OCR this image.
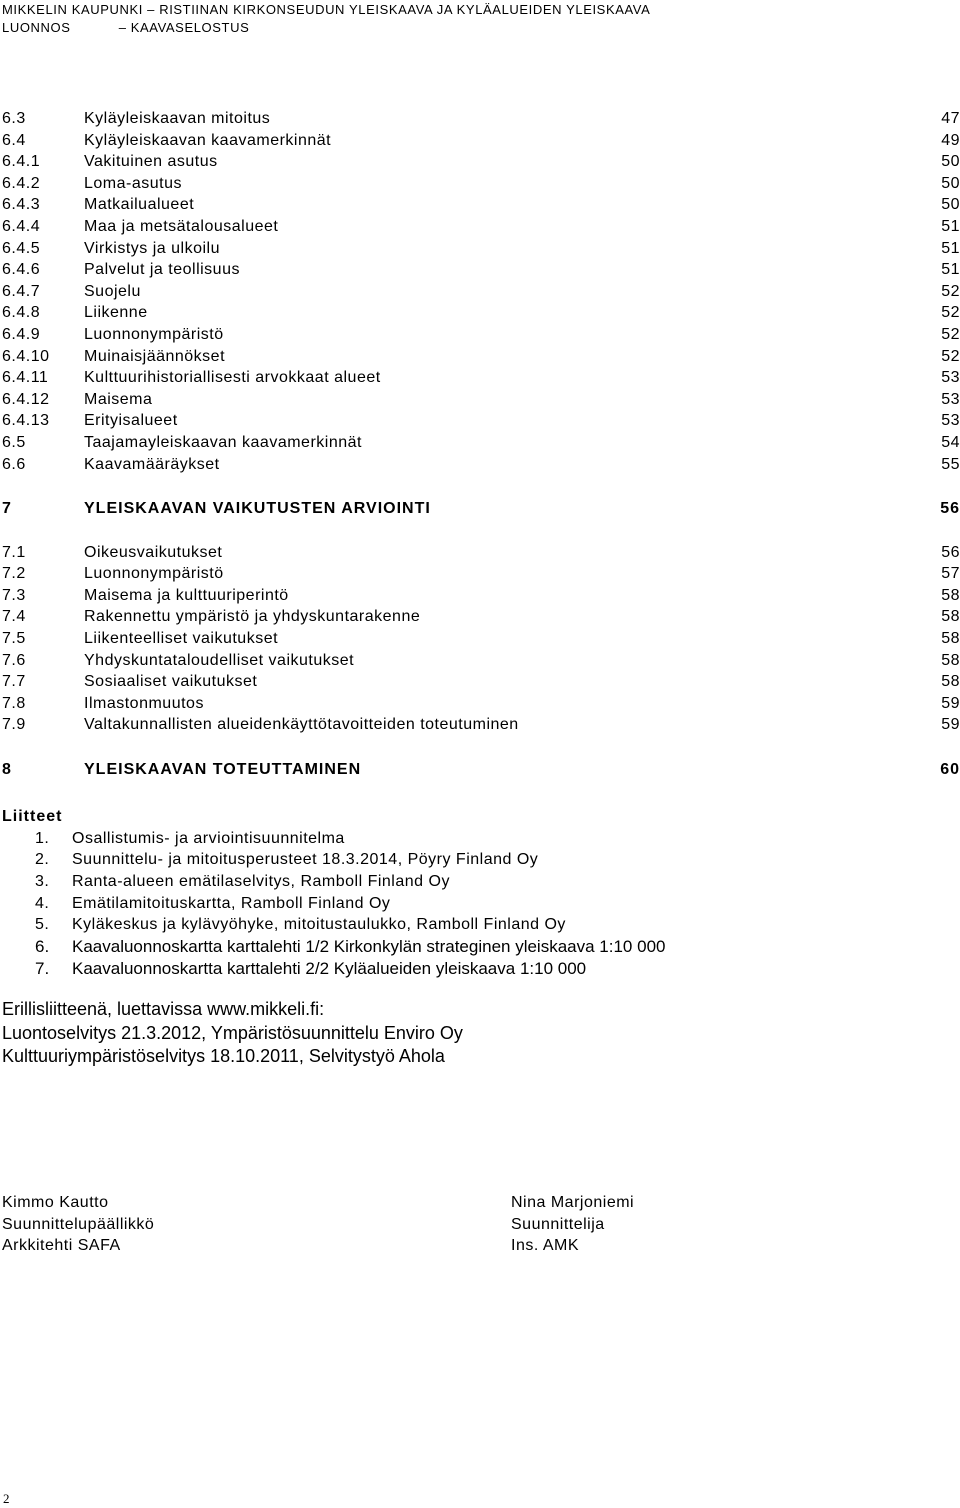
MIKKELIN KAUPUNKI – RISTIINAN KIRKONSEUDUN YLEISKAAVA JA KYLÄALUEIDEN YLEISKAAVA
LUONNOS	– KAAVASELOSTUS
6.3	Kyläyleiskaavan mitoitus	47
6.4	Kyläyleiskaavan kaavamerkinnät	49
6.4.1	Vakituinen asutus	50
6.4.2	Loma-asutus	50
6.4.3	Matkailualueet	50
6.4.4	Maa ja metsätalousalueet	51
6.4.5	Virkistys ja ulkoilu	51
6.4.6	Palvelut ja teollisuus	51
6.4.7	Suojelu	52
6.4.8	Liikenne	52
6.4.9	Luonnonympäristö	52
6.4.10 Muinaisjäännökset	52
6.4.11 Kulttuurihistoriallisesti arvokkaat alueet	53
6.4.12 Maisema	53
6.4.13 Erityisalueet	53
6.5	Taajamayleiskaavan kaavamerkinnät	54
6.6	Kaavamääräykset	55
7	YLEISKAAVAN VAIKUTUSTEN ARVIOINTI	56
7.1	Oikeusvaikutukset	56
7.2	Luonnonympäristö	57
7.3	Maisema ja kulttuuriperintö	58
7.4	Rakennettu ympäristö ja yhdyskuntarakenne	58
7.5	Liikenteelliset vaikutukset	58
7.6	Yhdyskuntataloudelliset vaikutukset	58
7.7	Sosiaaliset vaikutukset	58
7.8	Ilmastonmuutos	59
7.9	Valtakunnallisten alueidenkäyttötavoitteiden toteutuminen	59
8	YLEISKAAVAN TOTEUTTAMINEN	60
Liitteet
1. Osallistumis- ja arviointisuunnitelma
2. Suunnittelu- ja mitoitusperusteet 18.3.2014, Pöyry Finland Oy
3. Ranta-alueen emätilaselvitys, Ramboll Finland Oy
4. Emätilamitoituskartta, Ramboll Finland Oy
5. Kyläkeskus ja kylävyöhyke, mitoitustaulukko, Ramboll Finland Oy
6. Kaavaluonnoskartta karttalehti 1/2 Kirkonkylän strateginen yleiskaava 1:10 000
7. Kaavaluonnoskartta karttalehti 2/2 Kyläalueiden yleiskaava 1:10 000
Erillisliitteenä, luettavissa www.mikkeli.fi:
Luontoselvitys 21.3.2012, Ympäristösuunnittelu Enviro Oy
Kulttuuriympäristöselvitys 18.10.2011, Selvitystyö Ahola
Kimmo Kautto
Suunnittelupäällikkö
Arkkitehti SAFA
Nina Marjoniemi
Suunnittelija
Ins. AMK
2
